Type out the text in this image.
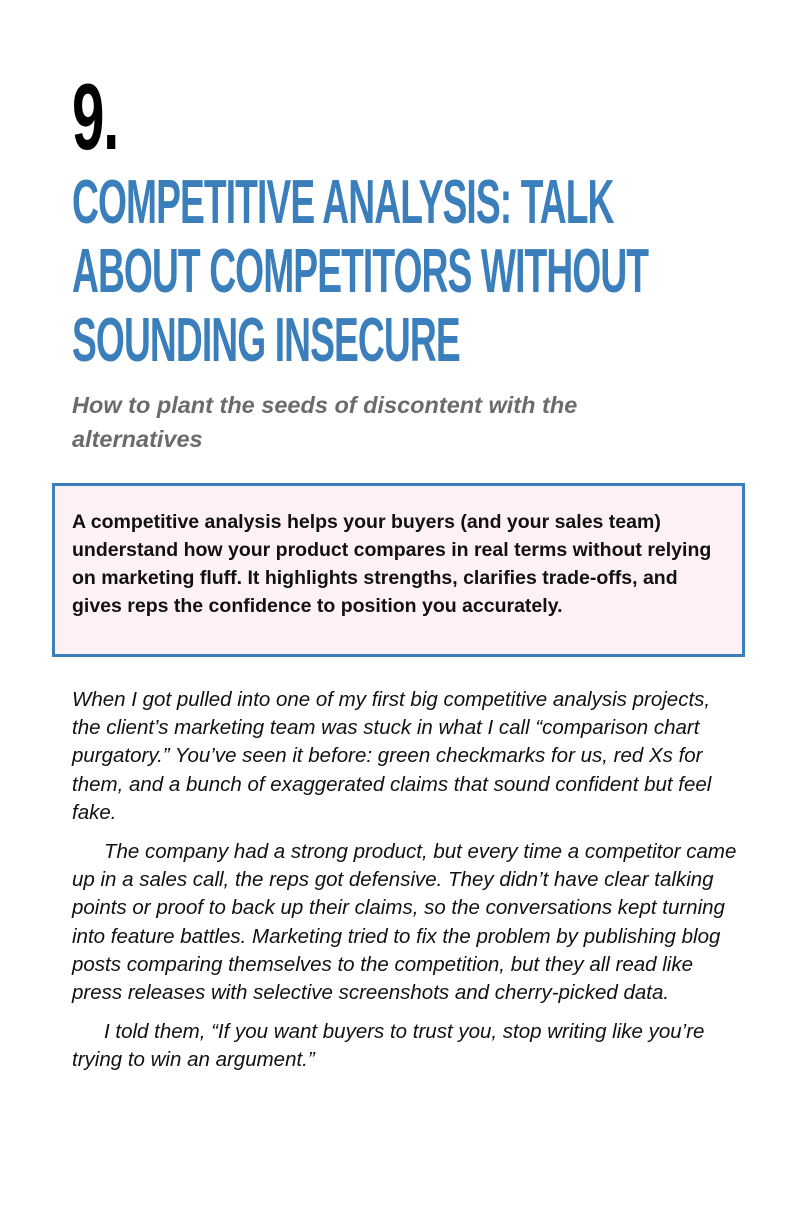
9.
COMPETITIVE ANALYSIS: TALK ABOUT COMPETITORS WITHOUT SOUNDING INSECURE
How to plant the seeds of discontent with the alternatives

A competitive analysis helps your buyers (and your sales team) understand how your product compares in real terms without relying on marketing fluff. It highlights strengths, clarifies trade-offs, and gives reps the confidence to position you accurately.

When I got pulled into one of my first big competitive analysis projects, the client’s marketing team was stuck in what I call “comparison chart purgatory.” You’ve seen it before: green checkmarks for us, red Xs for them, and a bunch of exaggerated claims that sound confident but feel fake.

The company had a strong product, but every time a competitor came up in a sales call, the reps got defensive. They didn’t have clear talking points or proof to back up their claims, so the conversations kept turning into feature battles. Marketing tried to fix the problem by publishing blog posts comparing themselves to the competition, but they all read like press releases with selective screenshots and cherry-picked data.

I told them, “If you want buyers to trust you, stop writing like you’re trying to win an argument.”
